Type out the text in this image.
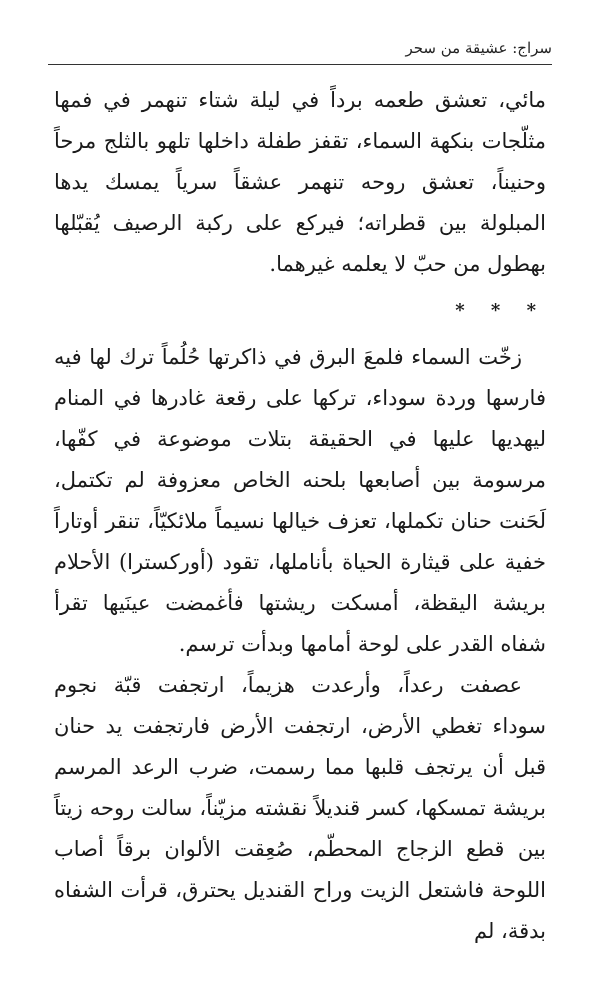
سراج: عشيقة من سحر

مائي، تعشق طعمه برداً في ليلة شتاء تنهمر في فمها مثلّجات بنكهة السماء، تقفز طفلة داخلها تلهو بالثلج مرحاً وحنيناً، تعشق روحه تنهمر عشقاً سرياً يمسك يدها المبلولة بين قطراته؛ فيركع على ركبة الرصيف يُقبّلها بهطول من حبّ لا يعلمه غيرهما.

* * *

زخّت السماء فلمعَ البرق في ذاكرتها حُلُماً ترك لها فيه فارسها وردة سوداء، تركها على رقعة غادرها في المنام ليهديها عليها في الحقيقة بتلات موضوعة في كفّها، مرسومة بين أصابعها بلحنه الخاص معزوفة لم تكتمل، لَحَنت حنان تكملها، تعزف خيالها نسيماً ملائكيّاً، تنقر أوتاراً خفية على قيثارة الحياة بأناملها، تقود (أوركسترا) الأحلام بريشة اليقظة، أمسكت ريشتها فأغمضت عينَيها تقرأ شفاه القدر على لوحة أمامها وبدأت ترسم.

عصفت رعداً، وأرعدت هزيماً، ارتجفت قبّة نجوم سوداء تغطي الأرض، ارتجفت الأرض فارتجفت يد حنان قبل أن يرتجف قلبها مما رسمت، ضرب الرعد المرسم بريشة تمسكها، كسر قنديلاً نقشته مزيّناً، سالت روحه زيتاً بين قطع الزجاج المحطّم، صُعِقت الألوان برقاً أصاب اللوحة فاشتعل الزيت وراح القنديل يحترق، قرأت الشفاه بدقة، لم
